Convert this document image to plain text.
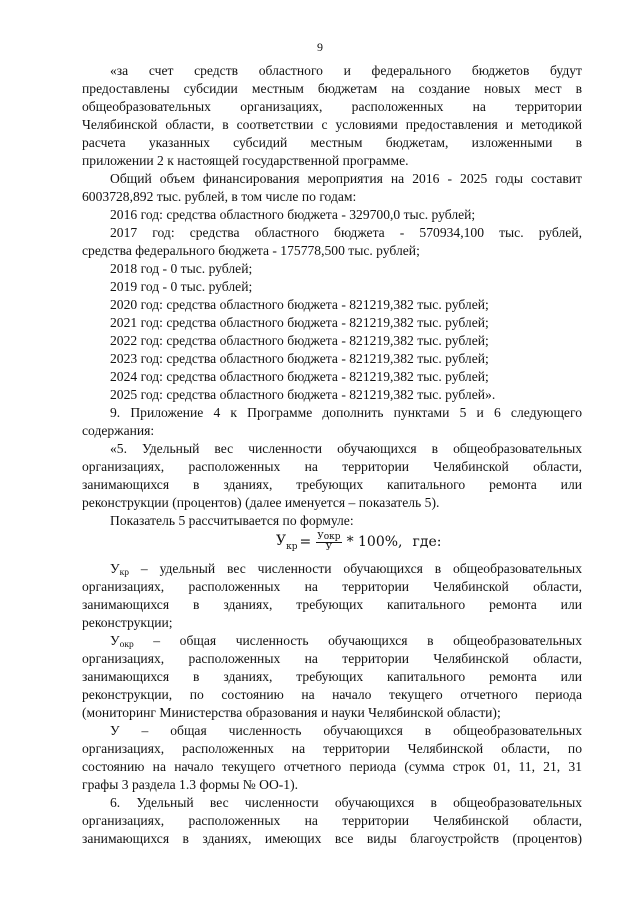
9
«за счет средств областного и федерального бюджетов будут
предоставлены субсидии местным бюджетам на создание новых мест в
общеобразовательных организациях, расположенных на территории
Челябинской области, в соответствии с условиями предоставления и методикой
расчета указанных субсидий местным бюджетам, изложенными в
приложении 2 к настоящей государственной программе.
Общий объем финансирования мероприятия на 2016 - 2025 годы составит
6003728,892 тыс. рублей, в том числе по годам:
2016 год: средства областного бюджета - 329700,0 тыс. рублей;
2017 год: средства областного бюджета - 570934,100 тыс. рублей,
средства федерального бюджета - 175778,500 тыс. рублей;
2018 год - 0 тыс. рублей;
2019 год - 0 тыс. рублей;
2020 год: средства областного бюджета - 821219,382 тыс. рублей;
2021 год: средства областного бюджета - 821219,382 тыс. рублей;
2022 год: средства областного бюджета - 821219,382 тыс. рублей;
2023 год: средства областного бюджета - 821219,382 тыс. рублей;
2024 год: средства областного бюджета - 821219,382 тыс. рублей;
2025 год: средства областного бюджета - 821219,382 тыс. рублей».
9. Приложение 4 к Программе дополнить пунктами 5 и 6 следующего
содержания:
«5. Удельный вес численности обучающихся в общеобразовательных
организациях, расположенных на территории Челябинской области,
занимающихся в зданиях, требующих капитального ремонта или
реконструкции (процентов) (далее именуется – показатель 5).
Показатель 5 рассчитывается по формуле:
$У_{кр} = \frac{\text{Уокр}}{У} * 100\%$, где:
$У_{кр}$ – удельный вес численности обучающихся в общеобразовательных
организациях, расположенных на территории Челябинской области,
занимающихся в зданиях, требующих капитального ремонта или
реконструкции;
$У_{окр}$ – общая численность обучающихся в общеобразовательных
организациях, расположенных на территории Челябинской области,
занимающихся в зданиях, требующих капитального ремонта или
реконструкции, по состоянию на начало текущего отчетного периода
(мониторинг Министерства образования и науки Челябинской области);
У – общая численность обучающихся в общеобразовательных
организациях, расположенных на территории Челябинской области, по
состоянию на начало текущего отчетного периода (сумма строк 01, 11, 21, 31
графы 3 раздела 1.3 формы № ОО-1).
6. Удельный вес численности обучающихся в общеобразовательных
организациях, расположенных на территории Челябинской области,
занимающихся в зданиях, имеющих все виды благоустройств (процентов)
